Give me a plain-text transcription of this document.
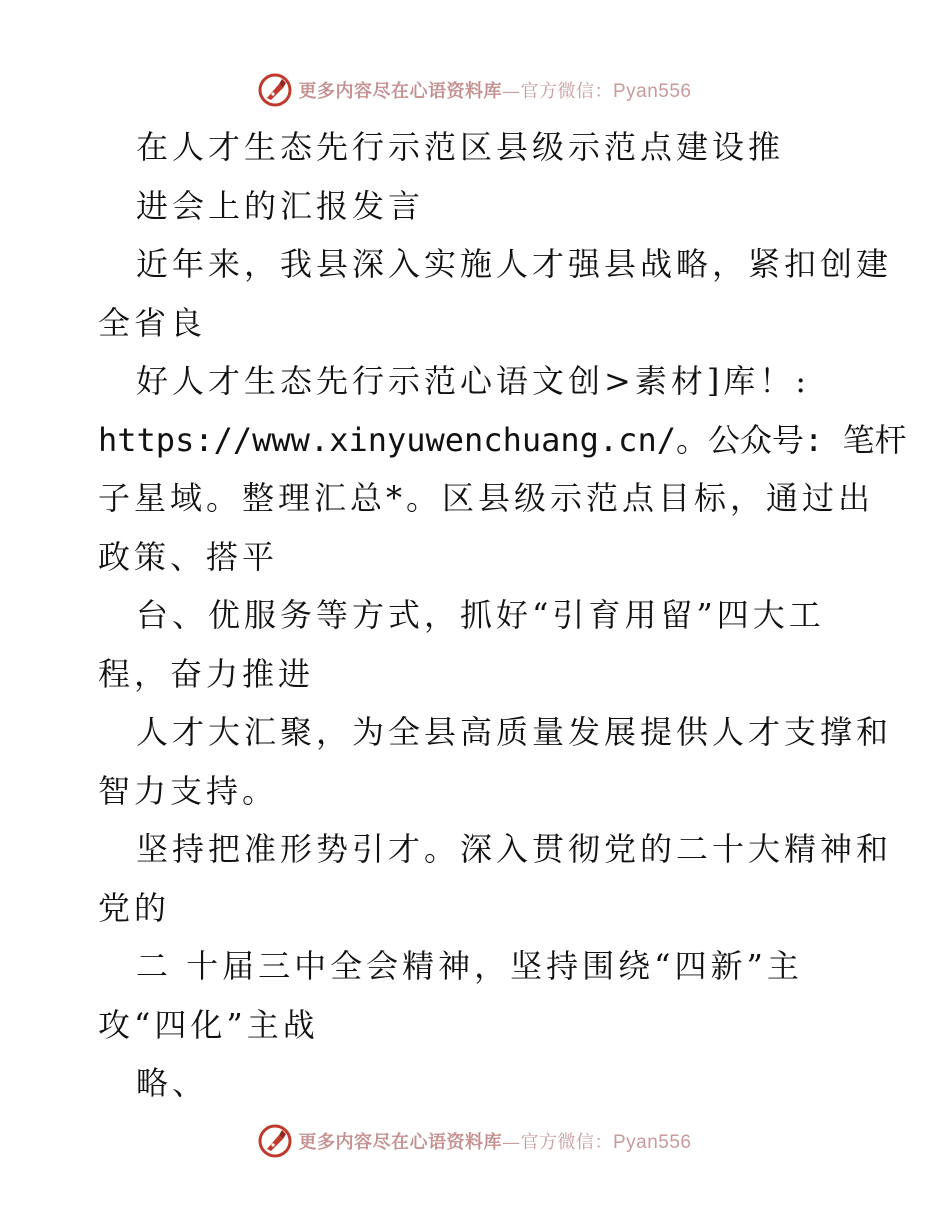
更多内容尽在心语资料库—官方微信：Pyan556
在人才生态先行示范区县级示范点建设推
进会上的汇报发言
近年来，我县深入实施人才强县战略，紧扣创建
全省良
好人才生态先行示范心语文创>素材]库！:
https://www.xinyuwenchuang.cn/。公众号: 笔杆
子星域。整理汇总*。区县级示范点目标，通过出
政策、搭平
台、优服务等方式，抓好“引育用留”四大工
程，奋力推进
人才大汇聚，为全县高质量发展提供人才支撑和
智力支持。
坚持把准形势引才。深入贯彻党的二十大精神和
党的
二 十届三中全会精神，坚持围绕“四新”主
攻“四化”主战
略、
更多内容尽在心语资料库—官方微信：Pyan556
